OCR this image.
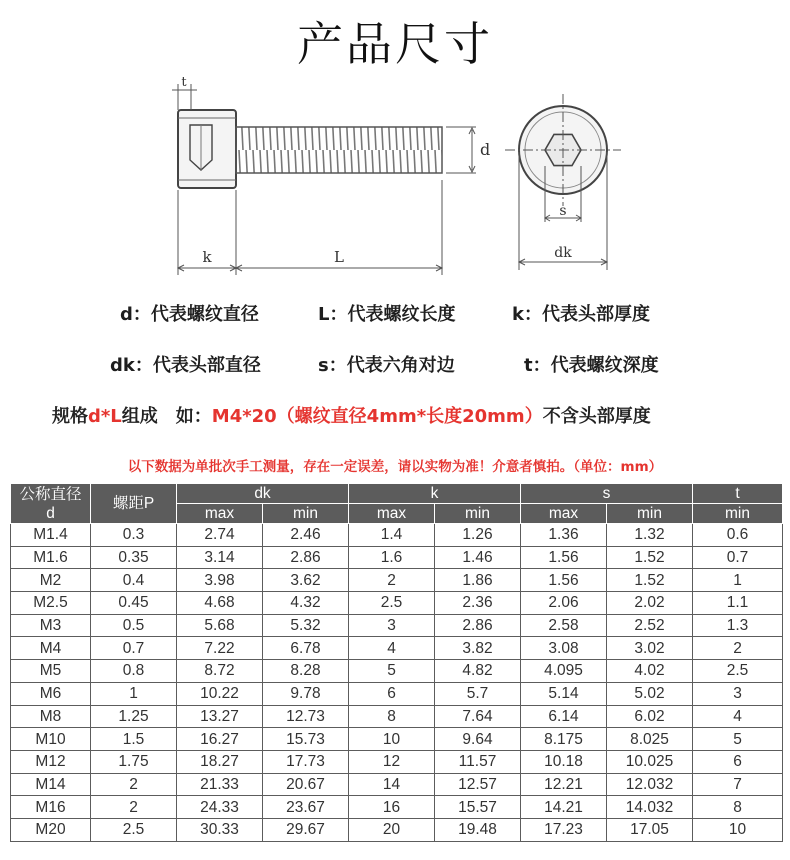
产品尺寸
t
d
k	L
s
dk
d：代表螺纹直径	L：代表螺纹长度	k：代表头部厚度
dk：代表头部直径	s：代表六角对边	t：代表螺纹深度
规格d*L组成　如：M4*20（螺纹直径4mm*长度20mm）不含头部厚度
以下数据为单批次手工测量，存在一定误差，请以实物为准！介意者慎拍。（单位：mm）
公称直径
d	螺距P	dk		k		s		t
		max	min	max	min	max	min	min
M1.4	0.3	2.74	2.46	1.4	1.26	1.36	1.32	0.6
M1.6	0.35	3.14	2.86	1.6	1.46	1.56	1.52	0.7
M2	0.4	3.98	3.62	2	1.86	1.56	1.52	1
M2.5	0.45	4.68	4.32	2.5	2.36	2.06	2.02	1.1
M3	0.5	5.68	5.32	3	2.86	2.58	2.52	1.3
M4	0.7	7.22	6.78	4	3.82	3.08	3.02	2
M5	0.8	8.72	8.28	5	4.82	4.095	4.02	2.5
M6	1	10.22	9.78	6	5.7	5.14	5.02	3
M8	1.25	13.27	12.73	8	7.64	6.14	6.02	4
M10	1.5	16.27	15.73	10	9.64	8.175	8.025	5
M12	1.75	18.27	17.73	12	11.57	10.18	10.025	6
M14	2	21.33	20.67	14	12.57	12.21	12.032	7
M16	2	24.33	23.67	16	15.57	14.21	14.032	8
M20	2.5	30.33	29.67	20	19.48	17.23	17.05	10
